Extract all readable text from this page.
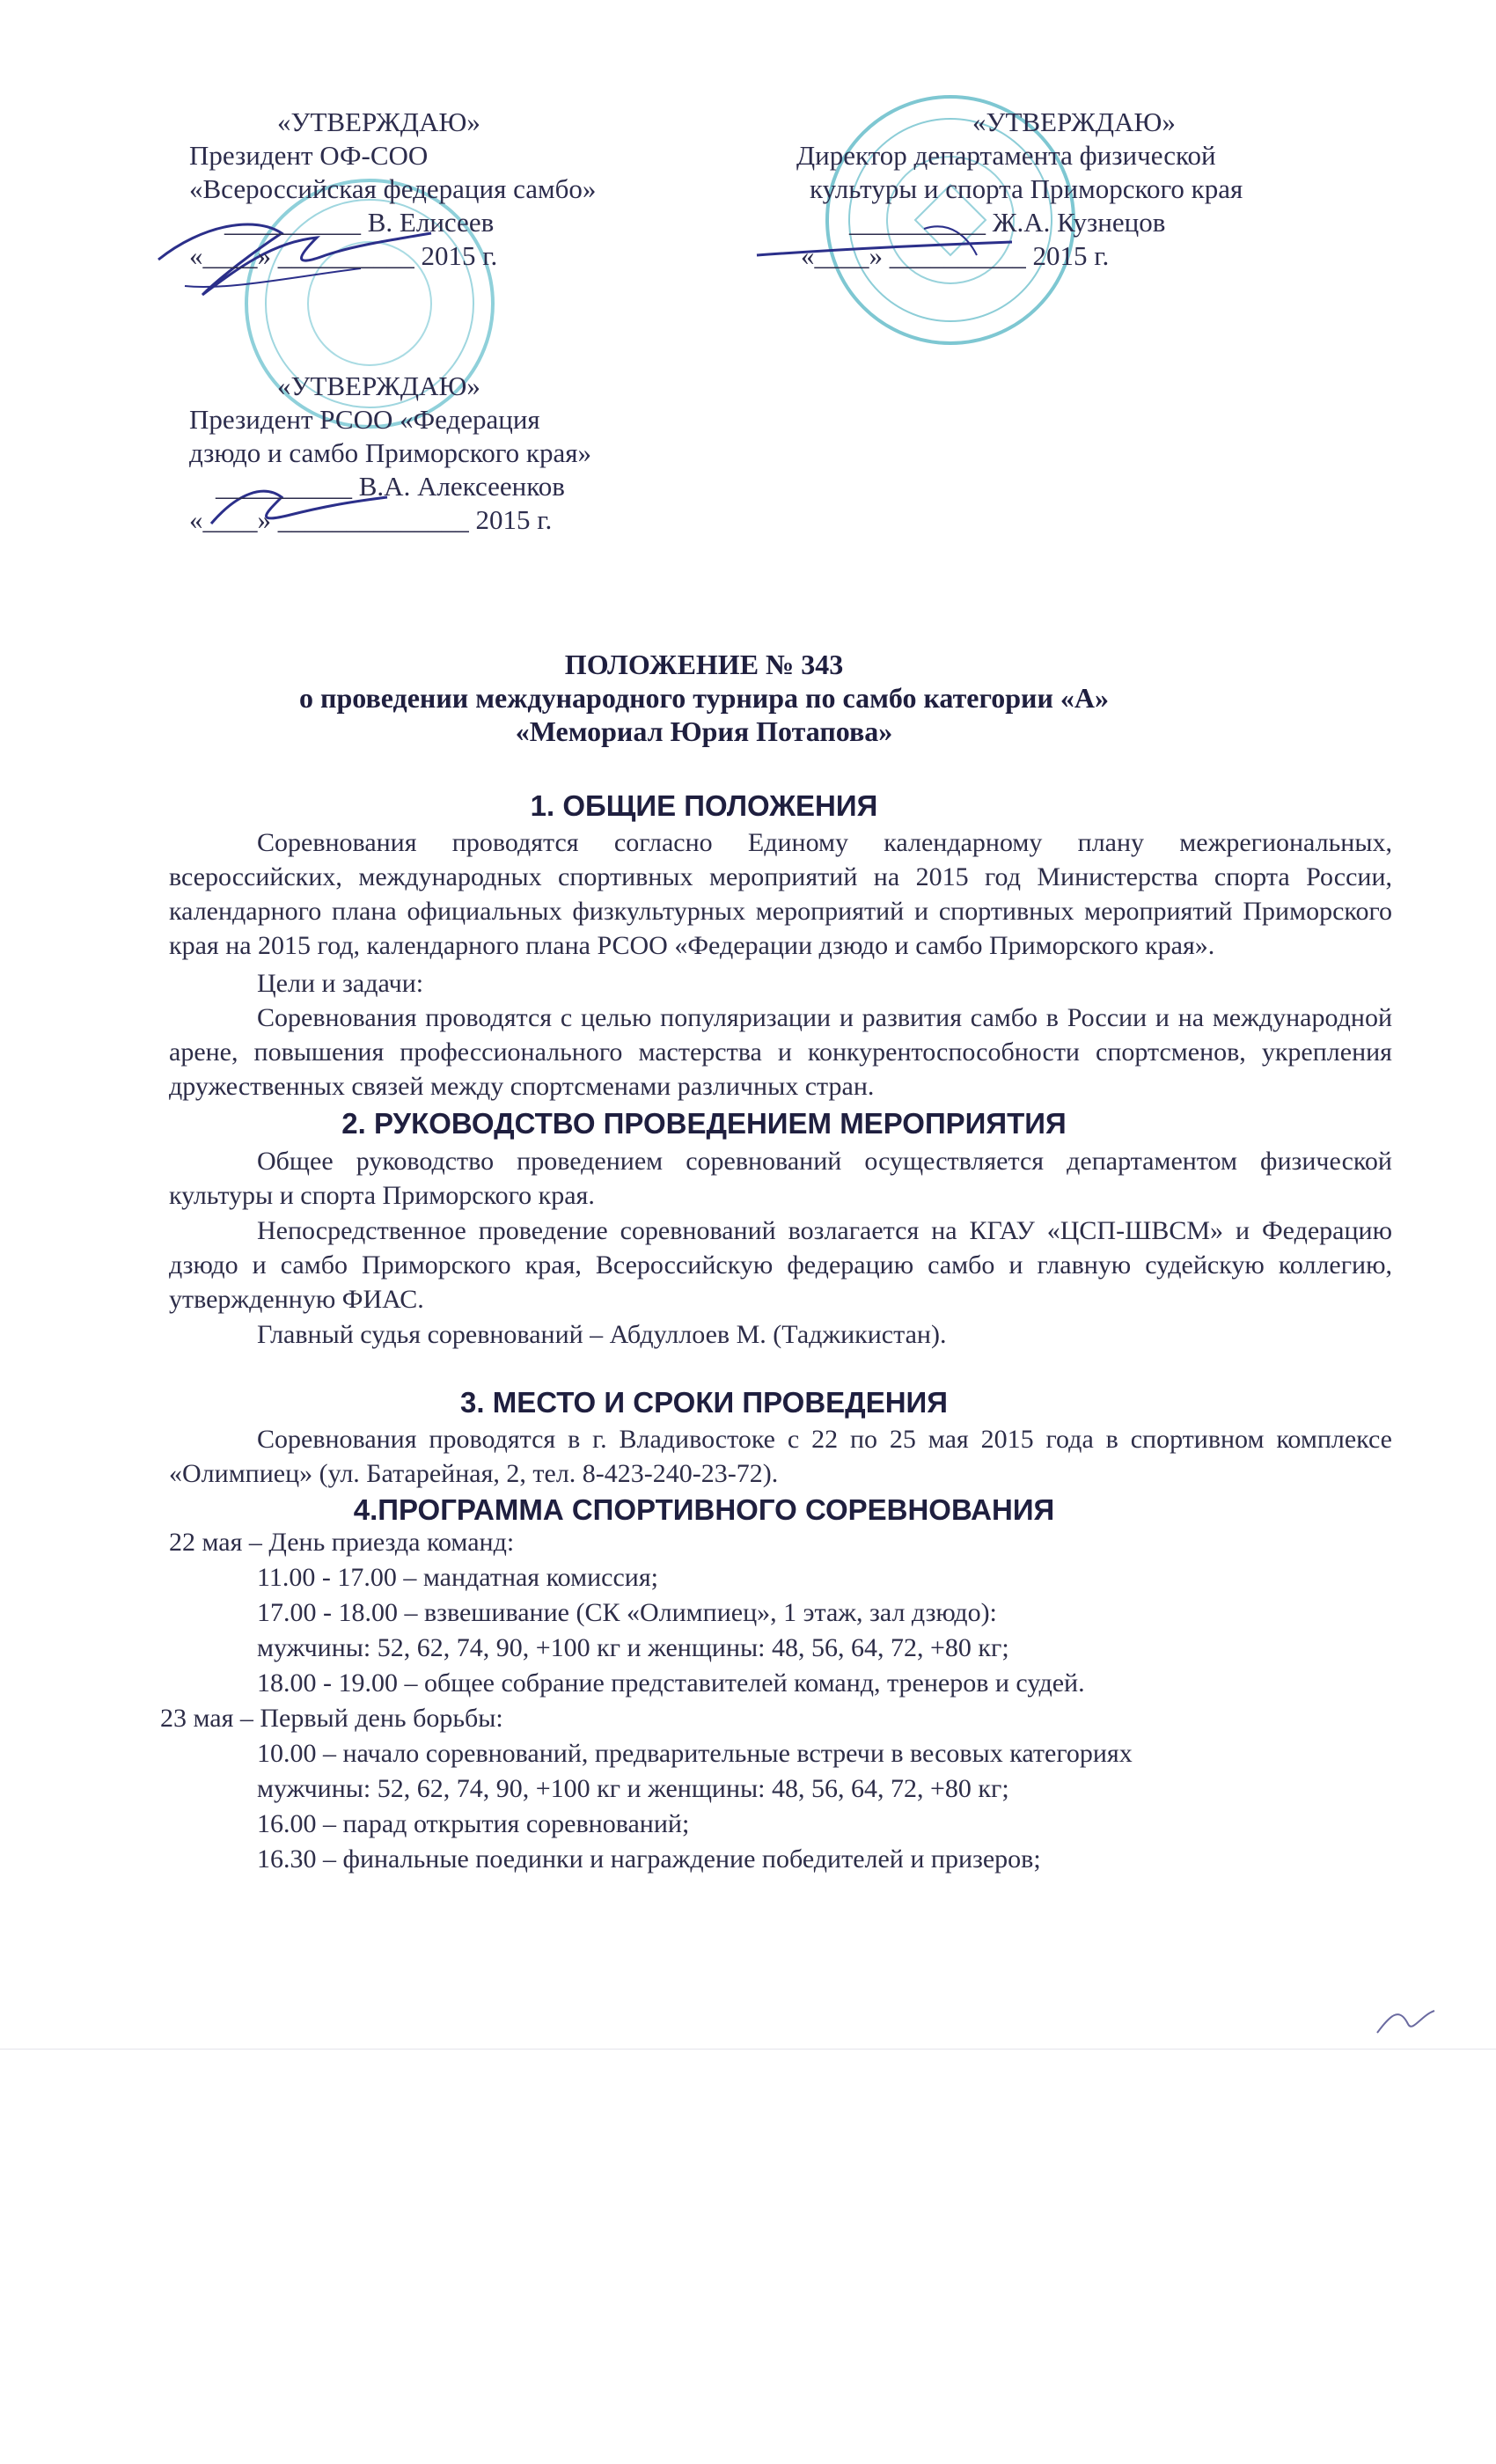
«УТВЕРЖДАЮ»
Президент ОФ-СОО
«Всероссийская федерация самбо»
__________ В. Елисеев
«____» __________ 2015 г.
«УТВЕРЖДАЮ»
Директор департамента физической
культуры и спорта Приморского края
__________ Ж.А. Кузнецов
«____» __________ 2015 г.
«УТВЕРЖДАЮ»
Президент РСОО «Федерация
дзюдо и самбо Приморского края»
__________ В.А. Алексеенков
«____» ______________ 2015 г.
ПОЛОЖЕНИЕ № 343
о проведении международного турнира по самбо категории «А»
«Мемориал Юрия Потапова»
1. ОБЩИЕ ПОЛОЖЕНИЯ
Соревнования проводятся согласно Единому календарному плану межрегиональных, всероссийских, международных спортивных мероприятий на 2015 год Министерства спорта России, календарного плана официальных физкультурных мероприятий и спортивных мероприятий Приморского края на 2015 год, календарного плана РСОО «Федерации дзюдо и самбо Приморского края».
Цели и задачи:
Соревнования проводятся с целью популяризации и развития самбо в России и на международной арене, повышения профессионального мастерства и конкурентоспособности спортсменов, укрепления дружественных связей между спортсменами различных стран.
2. РУКОВОДСТВО ПРОВЕДЕНИЕМ МЕРОПРИЯТИЯ
Общее руководство проведением соревнований осуществляется департаментом физической культуры и спорта Приморского края.
Непосредственное проведение соревнований возлагается на КГАУ «ЦСП-ШВСМ» и Федерацию дзюдо и самбо Приморского края, Всероссийскую федерацию самбо и главную судейскую коллегию, утвержденную ФИАС.
Главный судья соревнований – Абдуллоев М. (Таджикистан).
3. МЕСТО И СРОКИ ПРОВЕДЕНИЯ
Соревнования проводятся в г. Владивостоке с 22 по 25 мая 2015 года в спортивном комплексе «Олимпиец» (ул. Батарейная, 2, тел. 8-423-240-23-72).
4.ПРОГРАММА СПОРТИВНОГО СОРЕВНОВАНИЯ
22 мая – День приезда команд:
11.00 - 17.00 – мандатная комиссия;
17.00 - 18.00 – взвешивание (СК «Олимпиец», 1 этаж, зал дзюдо):
мужчины: 52, 62, 74, 90, +100 кг и женщины: 48, 56, 64, 72, +80 кг;
18.00 - 19.00 – общее собрание представителей команд, тренеров и судей.
23 мая – Первый день борьбы:
10.00 – начало соревнований, предварительные встречи в весовых категориях
мужчины: 52, 62, 74, 90, +100 кг и женщины: 48, 56, 64, 72, +80 кг;
16.00 – парад открытия соревнований;
16.30 – финальные поединки и награждение победителей и призеров;
